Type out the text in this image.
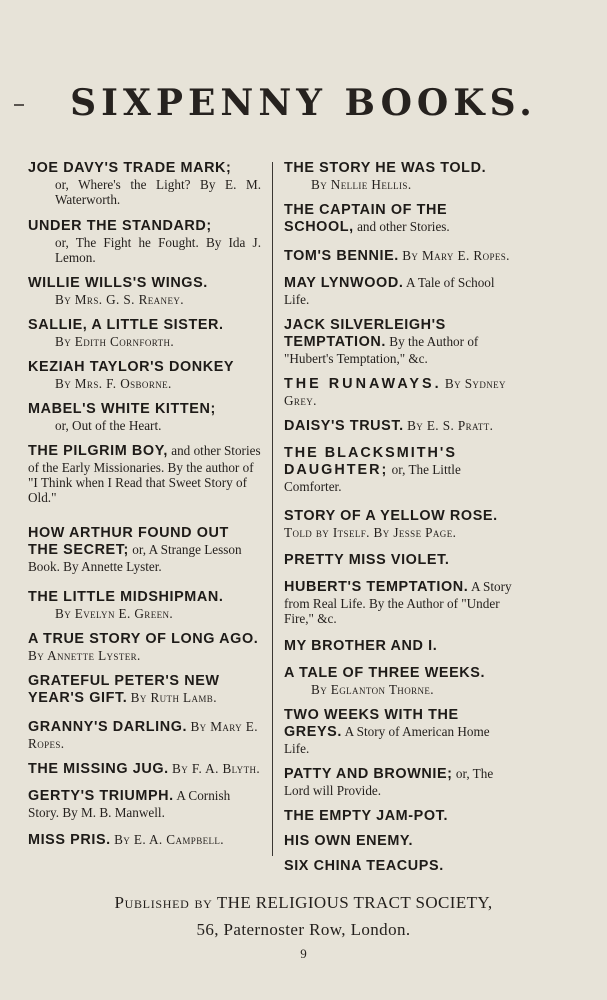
SIXPENNY BOOKS.

JOE DAVY'S TRADE MARK;
or, Where's the Light? By E. M. Waterworth.

UNDER THE STANDARD;
or, The Fight he Fought. By Ida J. Lemon.

WILLIE WILLS'S WINGS.
By Mrs. G. S. Reaney.

SALLIE, A LITTLE SISTER.
By Edith Cornforth.

KEZIAH TAYLOR'S DONKEY
By Mrs. F. Osborne.

MABEL'S WHITE KITTEN;
or, Out of the Heart.

THE PILGRIM BOY, and other Stories of the Early Missionaries. By the author of "I Think when I Read that Sweet Story of Old."

HOW ARTHUR FOUND OUT THE SECRET; or, A Strange Lesson Book. By Annette Lyster.

THE LITTLE MIDSHIPMAN.
By Evelyn E. Green.

A TRUE STORY OF LONG AGO. By Annette Lyster.

GRATEFUL PETER'S NEW YEAR'S GIFT. By Ruth Lamb.

GRANNY'S DARLING. By Mary E. Ropes.

THE MISSING JUG. By F. A. Blyth.

GERTY'S TRIUMPH. A Cornish Story. By M. B. Manwell.

MISS PRIS. By E. A. Campbell.

THE STORY HE WAS TOLD.
By Nellie Hellis.

THE CAPTAIN OF THE SCHOOL, and other Stories.

TOM'S BENNIE. By Mary E. Ropes.

MAY LYNWOOD. A Tale of School Life.

JACK SILVERLEIGH'S TEMPTATION. By the Author of "Hubert's Temptation," &c.

THE RUNAWAYS. By Sydney Grey.

DAISY'S TRUST. By E. S. Pratt.

THE BLACKSMITH'S DAUGHTER; or, The Little Comforter.

STORY OF A YELLOW ROSE. Told by Itself. By Jesse Page.

PRETTY MISS VIOLET.

HUBERT'S TEMPTATION. A Story from Real Life. By the Author of "Under Fire," &c.

MY BROTHER AND I.

A TALE OF THREE WEEKS.
By Eglanton Thorne.

TWO WEEKS WITH THE GREYS. A Story of American Home Life.

PATTY AND BROWNIE; or, The Lord will Provide.

THE EMPTY JAM-POT.

HIS OWN ENEMY.

SIX CHINA TEACUPS.

Published by THE RELIGIOUS TRACT SOCIETY,
56, Paternoster Row, London.
9
